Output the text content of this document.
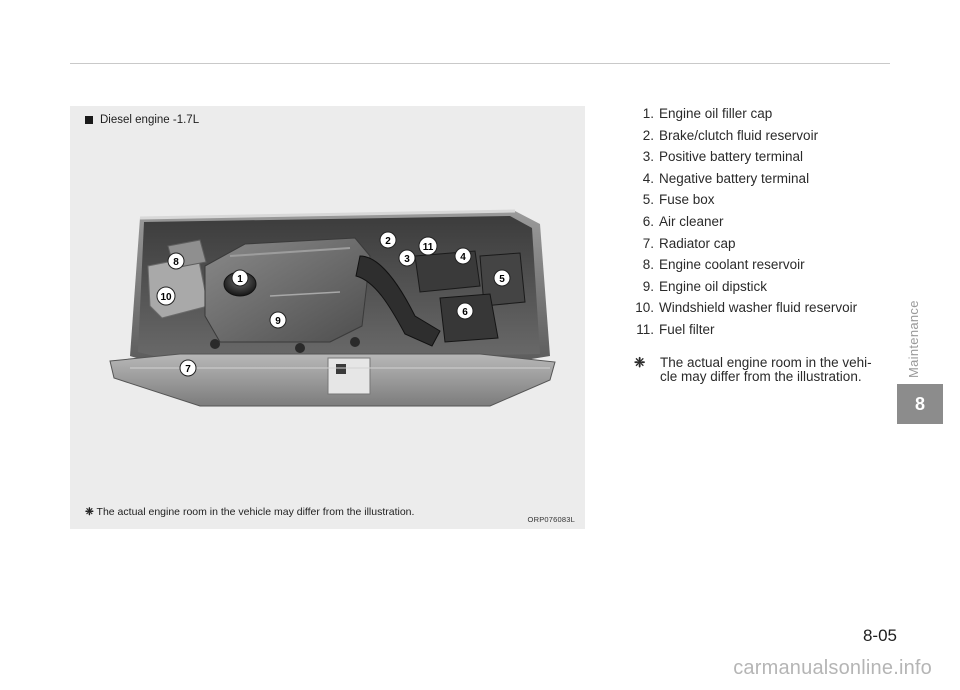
1
2
3	4
5
6
7
8
9
10
11
Diesel engine -1.7L
❈ The actual engine room in the vehicle may differ from the illustration.
ORP076083L
1. Engine oil filler cap
2. Brake/clutch fluid reservoir
3. Positive battery terminal
4. Negative battery terminal
5. Fuse box
6. Air cleaner
7. Radiator cap
8. Engine coolant reservoir
9. Engine oil dipstick
10. Windshield washer fluid reservoir
11. Fuel filter
❈	The actual engine room in the vehi-
cle may differ from the illustration.	Maintenance
8
8-05
carmanualsonline.info
